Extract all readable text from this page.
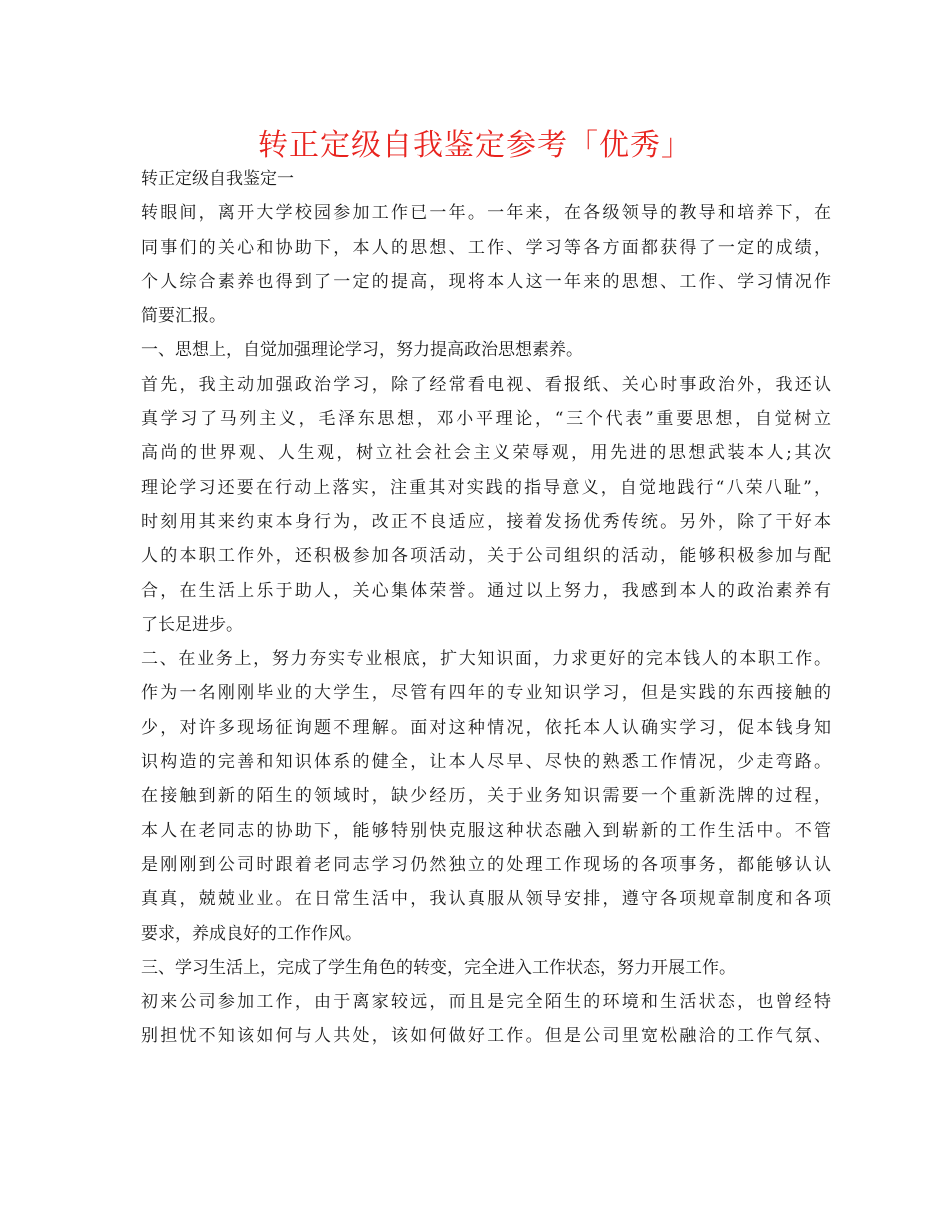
转正定级自我鉴定参考「优秀」
转正定级自我鉴定一
转眼间，离开大学校园参加工作已一年。一年来，在各级领导的教导和培养下，在
同事们的关心和协助下，本人的思想、工作、学习等各方面都获得了一定的成绩，
个人综合素养也得到了一定的提高，现将本人这一年来的思想、工作、学习情况作
简要汇报。
一、思想上，自觉加强理论学习，努力提高政治思想素养。
首先，我主动加强政治学习，除了经常看电视、看报纸、关心时事政治外，我还认
真学习了马列主义，毛泽东思想，邓小平理论，“三个代表”重要思想，自觉树立
高尚的世界观、人生观，树立社会社会主义荣辱观，用先进的思想武装本人;其次
理论学习还要在行动上落实，注重其对实践的指导意义，自觉地践行“八荣八耻”，
时刻用其来约束本身行为，改正不良适应，接着发扬优秀传统。另外，除了干好本
人的本职工作外，还积极参加各项活动，关于公司组织的活动，能够积极参加与配
合，在生活上乐于助人，关心集体荣誉。通过以上努力，我感到本人的政治素养有
了长足进步。
二、在业务上，努力夯实专业根底，扩大知识面，力求更好的完本钱人的本职工作。
作为一名刚刚毕业的大学生，尽管有四年的专业知识学习，但是实践的东西接触的
少，对许多现场征询题不理解。面对这种情况，依托本人认确实学习，促本钱身知
识构造的完善和知识体系的健全，让本人尽早、尽快的熟悉工作情况，少走弯路。
在接触到新的陌生的领域时，缺少经历，关于业务知识需要一个重新洗牌的过程，
本人在老同志的协助下，能够特别快克服这种状态融入到崭新的工作生活中。不管
是刚刚到公司时跟着老同志学习仍然独立的处理工作现场的各项事务，都能够认认
真真，兢兢业业。在日常生活中，我认真服从领导安排，遵守各项规章制度和各项
要求，养成良好的工作作风。
三、学习生活上，完成了学生角色的转变，完全进入工作状态，努力开展工作。
初来公司参加工作，由于离家较远，而且是完全陌生的环境和生活状态，也曾经特
别担忧不知该如何与人共处，该如何做好工作。但是公司里宽松融洽的工作气氛、
